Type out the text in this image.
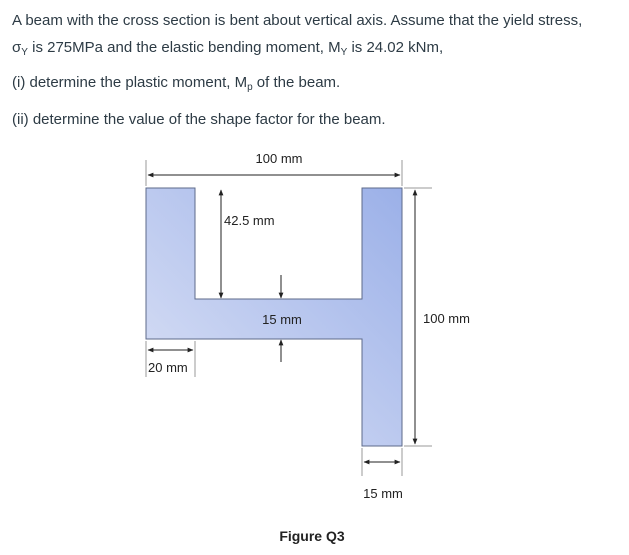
A beam with the cross section is bent about vertical axis. Assume that the yield stress,

$\sigma_Y$ is 275MPa and the elastic bending moment, $M_Y$ is 24.02 kNm,

(i) determine the plastic moment, $M_p$ of the beam.

(ii) determine the value of the shape factor for the beam.

100 mm
42.5 mm
15 mm	100 mm
20 mm
15 mm
Figure Q3
